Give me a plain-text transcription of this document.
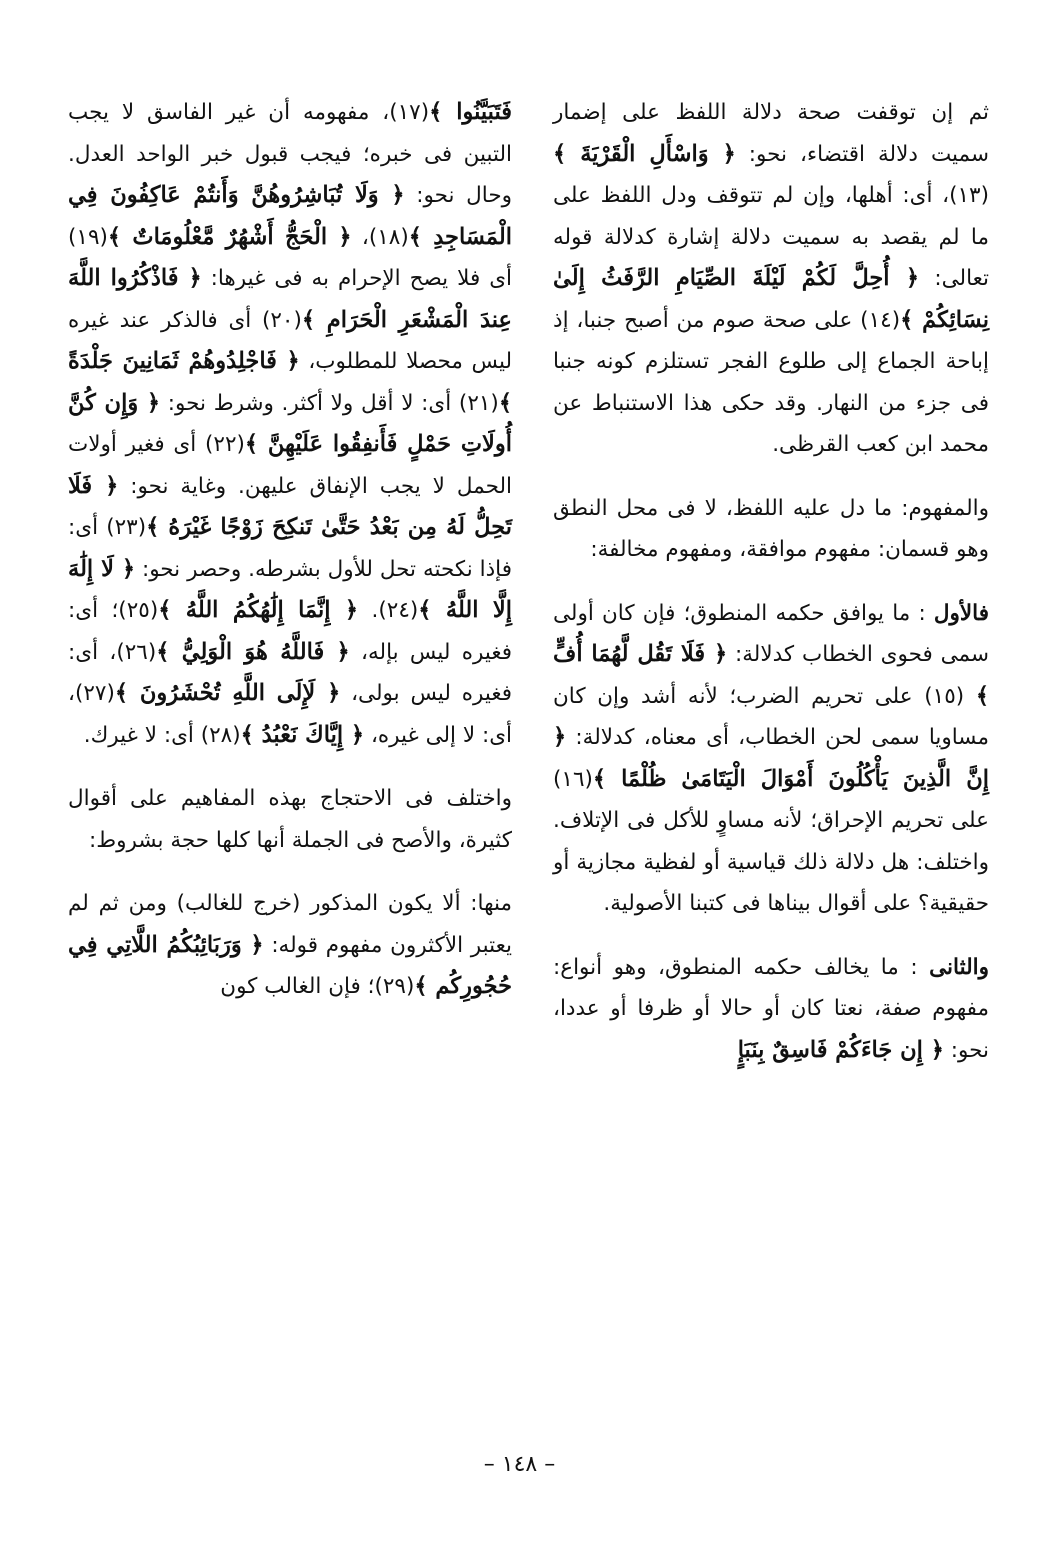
ثم إن توقفت صحة دلالة اللفظ على إضمار سميت دلالة اقتضاء، نحو: ﴿ وَاسْأَلِ الْقَرْيَةَ ﴾(١٣)، أى: أهلها، وإن لم تتوقف ودل اللفظ على ما لم يقصد به سميت دلالة إشارة كدلالة قوله تعالى: ﴿ أُحِلَّ لَكُمْ لَيْلَةَ الصِّيَامِ الرَّفَثُ إِلَىٰ نِسَائِكُمْ ﴾(١٤) على صحة صوم من أصبح جنبا، إذ إباحة الجماع إلى طلوع الفجر تستلزم كونه جنبا فى جزء من النهار. وقد حكى هذا الاستنباط عن محمد ابن كعب القرظى.

والمفهوم: ما دل عليه اللفظ، لا فى محل النطق وهو قسمان: مفهوم موافقة، ومفهوم مخالفة:

فالأول : ما يوافق حكمه المنطوق؛ فإن كان أولى سمى فحوى الخطاب كدلالة: ﴿ فَلَا تَقُل لَّهُمَا أُفٍّ ﴾ (١٥) على تحريم الضرب؛ لأنه أشد وإن كان مساويا سمى لحن الخطاب، أى معناه، كدلالة: ﴿ إِنَّ الَّذِينَ يَأْكُلُونَ أَمْوَالَ الْيَتَامَىٰ ظُلْمًا ﴾(١٦) على تحريم الإحراق؛ لأنه مساوٍ للأكل فى الإتلاف. واختلف: هل دلالة ذلك قياسية أو لفظية مجازية أو حقيقية؟ على أقوال بيناها فى كتبنا الأصولية.

والثانى : ما يخالف حكمه المنطوق، وهو أنواع: مفهوم صفة، نعتا كان أو حالا أو ظرفا أو عددا، نحو: ﴿ إِن جَاءَكُمْ فَاسِقٌ بِنَبَإٍ

فَتَبَيَّنُوا ﴾(١٧)، مفهومه أن غير الفاسق لا يجب التبين فى خبره؛ فيجب قبول خبر الواحد العدل. وحال نحو: ﴿ وَلَا تُبَاشِرُوهُنَّ وَأَنتُمْ عَاكِفُونَ فِي الْمَسَاجِدِ ﴾(١٨)، ﴿ الْحَجُّ أَشْهُرٌ مَّعْلُومَاتٌ ﴾(١٩) أى فلا يصح الإحرام به فى غيرها: ﴿ فَاذْكُرُوا اللَّهَ عِندَ الْمَشْعَرِ الْحَرَامِ ﴾(٢٠) أى فالذكر عند غيره ليس محصلا للمطلوب، ﴿ فَاجْلِدُوهُمْ ثَمَانِينَ جَلْدَةً ﴾(٢١) أى: لا أقل ولا أكثر. وشرط نحو: ﴿ وَإِن كُنَّ أُولَاتِ حَمْلٍ فَأَنفِقُوا عَلَيْهِنَّ ﴾(٢٢) أى فغير أولات الحمل لا يجب الإنفاق عليهن. وغاية نحو: ﴿ فَلَا تَحِلُّ لَهُ مِن بَعْدُ حَتَّىٰ تَنكِحَ زَوْجًا غَيْرَهُ ﴾(٢٣) أى: فإذا نكحته تحل للأول بشرطه. وحصر نحو: ﴿ لَا إِلَٰهَ إِلَّا اللَّهُ ﴾(٢٤). ﴿ إِنَّمَا إِلَٰهُكُمُ اللَّهُ ﴾(٢٥)؛ أى: فغيره ليس بإله، ﴿ فَاللَّهُ هُوَ الْوَلِيُّ ﴾(٢٦)، أى: فغيره ليس بولى، ﴿ لَإِلَى اللَّهِ تُحْشَرُونَ ﴾(٢٧)، أى: لا إلى غيره، ﴿ إِيَّاكَ نَعْبُدُ ﴾(٢٨) أى: لا غيرك.

واختلف فى الاحتجاج بهذه المفاهيم على أقوال كثيرة، والأصح فى الجملة أنها كلها حجة بشروط:

منها: ألا يكون المذكور (خرج للغالب) ومن ثم لم يعتبر الأكثرون مفهوم قوله: ﴿ وَرَبَائِبُكُمُ اللَّاتِي فِي حُجُورِكُم ﴾(٢٩)؛ فإن الغالب كون

– ١٤٨ –
